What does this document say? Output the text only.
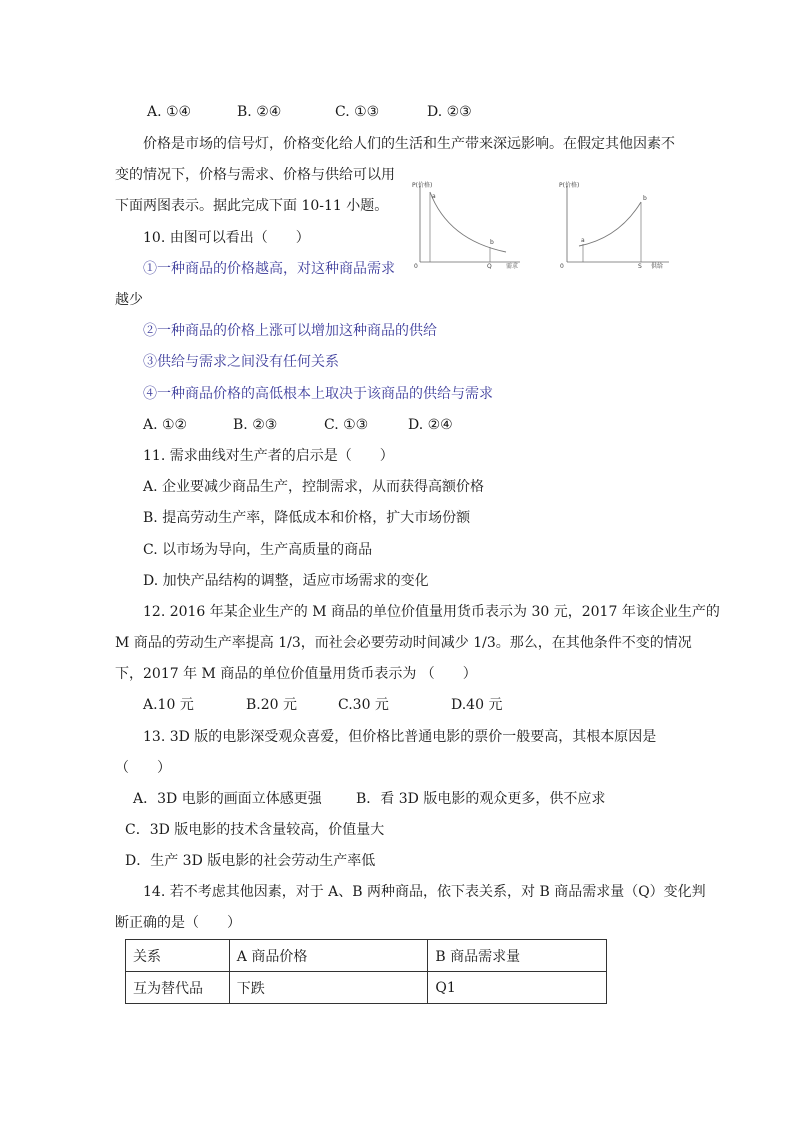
A. ①④	B. ②④	C. ①③	D. ②③
价格是市场的信号灯，价格变化给人们的生活和生产带来深远影响。在假定其他因素不
变的情况下，价格与需求、价格与供给可以用
下面两图表示。据此完成下面 10-11 小题。
P(价格)
0
a
b
Q 需求
P(价格)
0
a
b
S 供给
10. 由图可以看出（　　）
①一种商品的价格越高，对这种商品需求
越少
②一种商品的价格上涨可以增加这种商品的供给
③供给与需求之间没有任何关系
④一种商品价格的高低根本上取决于该商品的供给与需求
A. ①②	B. ②③	C. ①③	D. ②④
11. 需求曲线对生产者的启示是（　　）
A. 企业要减少商品生产，控制需求，从而获得高额价格
B. 提高劳动生产率，降低成本和价格，扩大市场份额
C. 以市场为导向，生产高质量的商品
D. 加快产品结构的调整，适应市场需求的变化
12. 2016 年某企业生产的 M 商品的单位价值量用货币表示为 30 元，2017 年该企业生产的
M 商品的劳动生产率提高 1/3，而社会必要劳动时间减少 1/3。那么，在其他条件不变的情况
下，2017 年 M 商品的单位价值量用货币表示为 （　　）
A.10 元	B.20 元	C.30 元	D.40 元
13. 3D 版的电影深受观众喜爱，但价格比普通电影的票价一般要高，其根本原因是
（　　）
A．3D 电影的画面立体感更强 B．看 3D 版电影的观众更多，供不应求
C．3D 版电影的技术含量较高，价值量大
D．生产 3D 版电影的社会劳动生产率低
14. 若不考虑其他因素，对于 A、B 两种商品，依下表关系，对 B 商品需求量（Q）变化判
断正确的是（　　）
关系	A 商品价格	B 商品需求量
互为替代品	下跌	Q1
